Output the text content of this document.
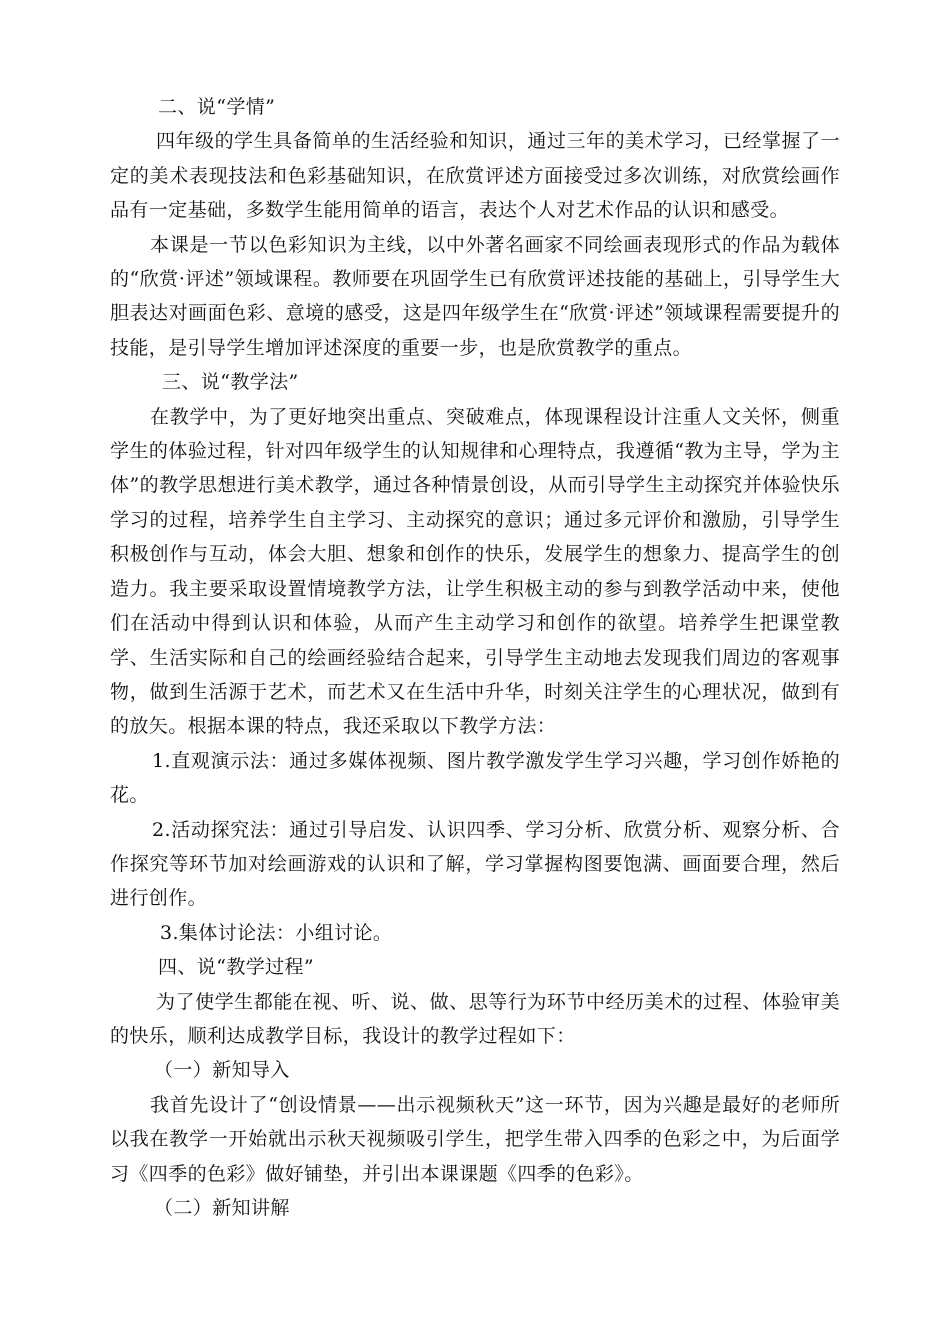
二、说“学情”

四年级的学生具备简单的生活经验和知识，通过三年的美术学习，已经掌握了一定的美术表现技法和色彩基础知识，在欣赏评述方面接受过多次训练，对欣赏绘画作品有一定基础，多数学生能用简单的语言，表达个人对艺术作品的认识和感受。

本课是一节以色彩知识为主线，以中外著名画家不同绘画表现形式的作品为载体的“欣赏·评述”领域课程。教师要在巩固学生已有欣赏评述技能的基础上，引导学生大胆表达对画面色彩、意境的感受，这是四年级学生在“欣赏·评述”领域课程需要提升的技能，是引导学生增加评述深度的重要一步，也是欣赏教学的重点。

三、说“教学法”

在教学中，为了更好地突出重点、突破难点，体现课程设计注重人文关怀，侧重学生的体验过程，针对四年级学生的认知规律和心理特点，我遵循“教为主导，学为主体”的教学思想进行美术教学，通过各种情景创设，从而引导学生主动探究并体验快乐学习的过程，培养学生自主学习、主动探究的意识；通过多元评价和激励，引导学生积极创作与互动，体会大胆、想象和创作的快乐，发展学生的想象力、提高学生的创造力。我主要采取设置情境教学方法，让学生积极主动的参与到教学活动中来，使他们在活动中得到认识和体验，从而产生主动学习和创作的欲望。培养学生把课堂教学、生活实际和自己的绘画经验结合起来，引导学生主动地去发现我们周边的客观事物，做到生活源于艺术，而艺术又在生活中升华，时刻关注学生的心理状况，做到有的放矢。根据本课的特点，我还采取以下教学方法：

1.直观演示法：通过多媒体视频、图片教学激发学生学习兴趣，学习创作娇艳的花。

2.活动探究法：通过引导启发、认识四季、学习分析、欣赏分析、观察分析、合作探究等环节加对绘画游戏的认识和了解，学习掌握构图要饱满、画面要合理，然后进行创作。

3.集体讨论法：小组讨论。

四、说“教学过程”

为了使学生都能在视、听、说、做、思等行为环节中经历美术的过程、体验审美的快乐，顺利达成教学目标，我设计的教学过程如下：

（一）新知导入

我首先设计了“创设情景——出示视频秋天”这一环节，因为兴趣是最好的老师所以我在教学一开始就出示秋天视频吸引学生，把学生带入四季的色彩之中，为后面学习《四季的色彩》做好铺垫，并引出本课课题《四季的色彩》。

（二）新知讲解
